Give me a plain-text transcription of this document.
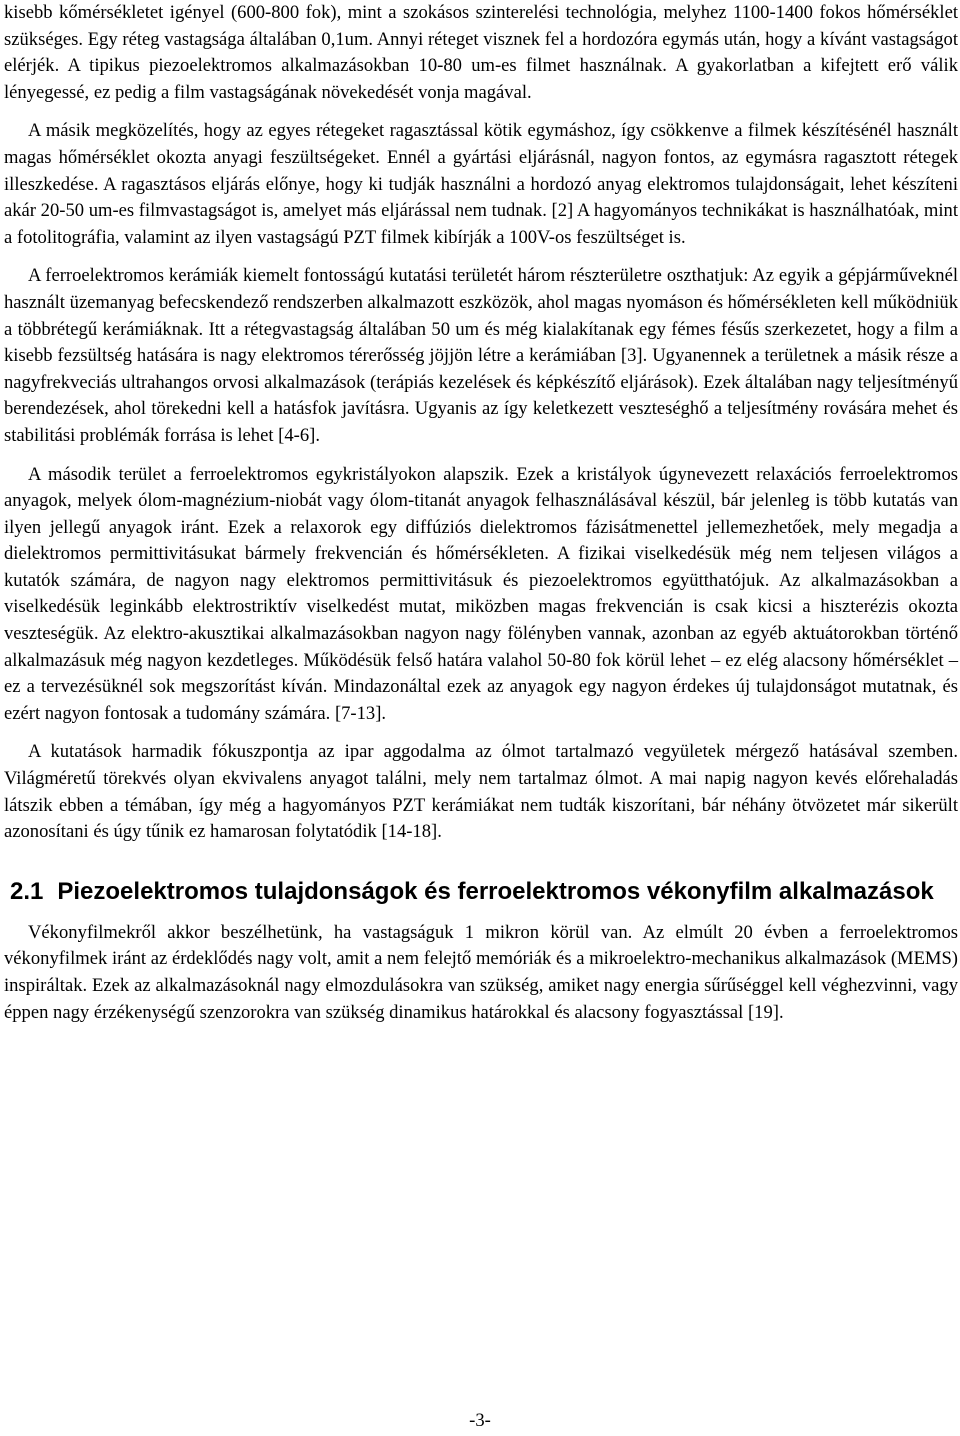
kisebb kőmérsékletet igényel (600-800 fok), mint a szokásos szinterelési technológia, melyhez 1100-1400 fokos hőmérséklet szükséges. Egy réteg vastagsága általában 0,1um. Annyi réteget visznek fel a hordozóra egymás után, hogy a kívánt vastagságot elérjék. A tipikus piezoelektromos alkalmazásokban 10-80 um-es filmet használnak. A gyakorlatban a kifejtett erő válik lényegessé, ez pedig a film vastagságának növekedését vonja magával.

A másik megközelítés, hogy az egyes rétegeket ragasztással kötik egymáshoz, így csökkenve a filmek készítésénél használt magas hőmérséklet okozta anyagi feszültségeket. Ennél a gyártási eljárásnál, nagyon fontos, az egymásra ragasztott rétegek illeszkedése. A ragasztásos eljárás előnye, hogy ki tudják használni a hordozó anyag elektromos tulajdonságait, lehet készíteni akár 20-50 um-es filmvastagságot is, amelyet más eljárással nem tudnak. [2] A hagyományos technikákat is használhatóak, mint a fotolitográfia, valamint az ilyen vastagságú PZT filmek kibírják a 100V-os feszültséget is.

A ferroelektromos kerámiák kiemelt fontosságú kutatási területét három részterületre oszthatjuk: Az egyik a gépjárműveknél használt üzemanyag befecskendező rendszerben alkalmazott eszközök, ahol magas nyomáson és hőmérsékleten kell működniük a többrétegű kerámiáknak. Itt a rétegvastagság általában 50 um és még kialakítanak egy fémes fésűs szerkezetet, hogy a film a kisebb fezsültség hatására is nagy elektromos térerősség jöjjön létre a kerámiában [3]. Ugyanennek a területnek a másik része a nagyfrekveciás ultrahangos orvosi alkalmazások (terápiás kezelések és képkészítő eljárások). Ezek általában nagy teljesítményű berendezések, ahol törekedni kell a hatásfok javításra. Ugyanis az így keletkezett veszteséghő a teljesítmény rovására mehet és stabilitási problémák forrása is lehet [4-6].

A második terület a ferroelektromos egykristályokon alapszik. Ezek a kristályok úgynevezett relaxációs ferroelektromos anyagok, melyek ólom-magnézium-niobát vagy ólom-titanát anyagok felhasználásával készül, bár jelenleg is több kutatás van ilyen jellegű anyagok iránt. Ezek a relaxorok egy diffúziós dielektromos fázisátmenettel jellemezhetőek, mely megadja a dielektromos permittivitásukat bármely frekvencián és hőmérsékleten. A fizikai viselkedésük még nem teljesen világos a kutatók számára, de nagyon nagy elektromos permittivitásuk és piezoelektromos együtthatójuk. Az alkalmazásokban a viselkedésük leginkább elektrostriktív viselkedést mutat, miközben magas frekvencián is csak kicsi a hiszterézis okozta veszteségük. Az elektro-akusztikai alkalmazásokban nagyon nagy fölényben vannak, azonban az egyéb aktuátorokban történő alkalmazásuk még nagyon kezdetleges. Működésük felső határa valahol 50-80 fok körül lehet – ez elég alacsony hőmérséklet – ez a tervezésüknél sok megszorítást kíván. Mindazonáltal ezek az anyagok egy nagyon érdekes új tulajdonságot mutatnak, és ezért nagyon fontosak a tudomány számára. [7-13].

A kutatások harmadik fókuszpontja az ipar aggodalma az ólmot tartalmazó vegyületek mérgező hatásával szemben. Világméretű törekvés olyan ekvivalens anyagot találni, mely nem tartalmaz ólmot. A mai napig nagyon kevés előrehaladás látszik ebben a témában, így még a hagyományos PZT kerámiákat nem tudták kiszorítani, bár néhány ötvözetet már sikerült azonosítani és úgy tűnik ez hamarosan folytatódik [14-18].

2.1 Piezoelektromos tulajdonságok és ferroelektromos vékonyfilm alkalmazások

Vékonyfilmekről akkor beszélhetünk, ha vastagságuk 1 mikron körül van. Az elmúlt 20 évben a ferroelektromos vékonyfilmek iránt az érdeklődés nagy volt, amit a nem felejtő memóriák és a mikroelektro-mechanikus alkalmazások (MEMS) inspiráltak. Ezek az alkalmazásoknál nagy elmozdulásokra van szükség, amiket nagy energia sűrűséggel kell véghezvinni, vagy éppen nagy érzékenységű szenzorokra van szükség dinamikus határokkal és alacsony fogyasztással [19].

-3-
